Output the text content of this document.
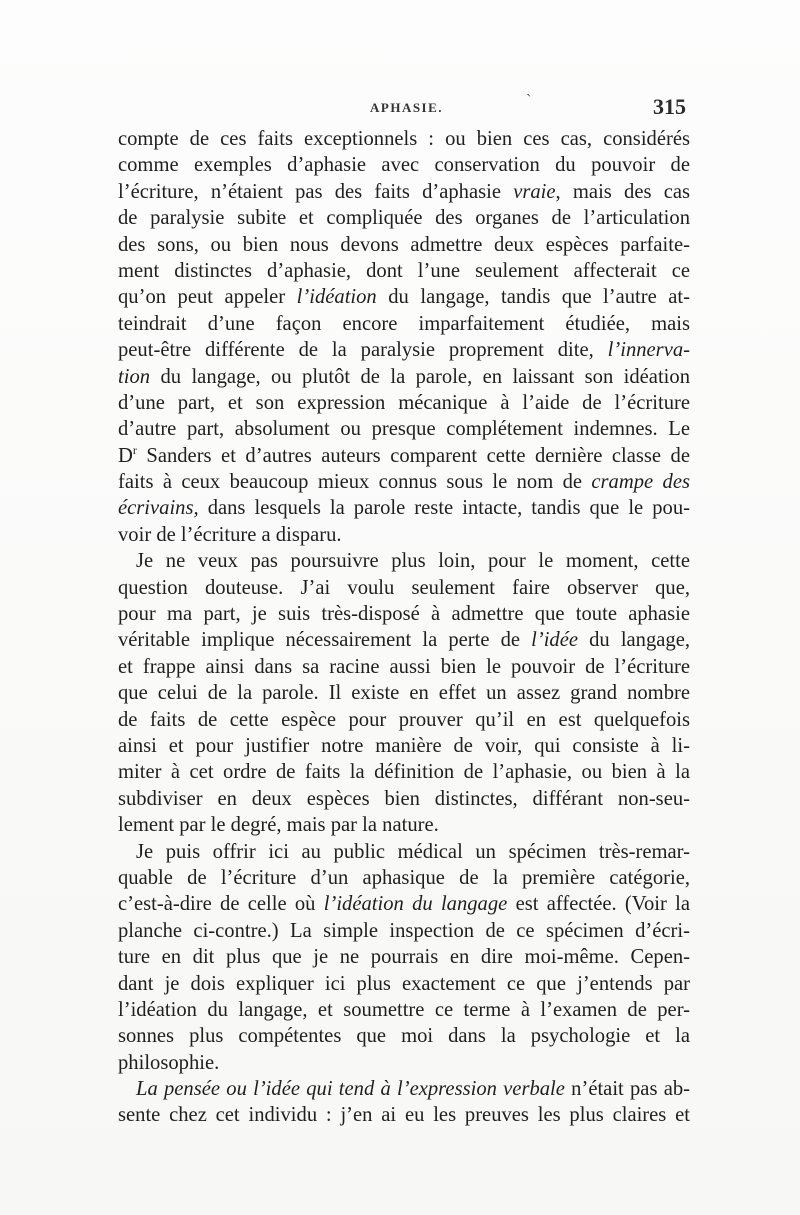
APHASIE.	`	315
compte de ces faits exceptionnels : ou bien ces cas, considérés
comme exemples d’aphasie avec conservation du pouvoir de
l’écriture, n’étaient pas des faits d’aphasie vraie, mais des cas
de paralysie subite et compliquée des organes de l’articulation
des sons, ou bien nous devons admettre deux espèces parfaite-
ment distinctes d’aphasie, dont l’une seulement affecterait ce
qu’on peut appeler l’idéation du langage, tandis que l’autre at-
teindrait d’une façon encore imparfaitement étudiée, mais
peut-être différente de la paralysie proprement dite, l’innerva-
tion du langage, ou plutôt de la parole, en laissant son idéation
d’une part, et son expression mécanique à l’aide de l’écriture
d’autre part, absolument ou presque complétement indemnes. Le
$D^r$ Sanders et d’autres auteurs comparent cette dernière classe de
faits à ceux beaucoup mieux connus sous le nom de crampe des
écrivains, dans lesquels la parole reste intacte, tandis que le pou-
voir de l’écriture a disparu.
Je ne veux pas poursuivre plus loin, pour le moment, cette
question douteuse. J’ai voulu seulement faire observer que,
pour ma part, je suis très-disposé à admettre que toute aphasie
véritable implique nécessairement la perte de l’idée du langage,
et frappe ainsi dans sa racine aussi bien le pouvoir de l’écriture
que celui de la parole. Il existe en effet un assez grand nombre
de faits de cette espèce pour prouver qu’il en est quelquefois
ainsi et pour justifier notre manière de voir, qui consiste à li-
miter à cet ordre de faits la définition de l’aphasie, ou bien à la
subdiviser en deux espèces bien distinctes, différant non-seu-
lement par le degré, mais par la nature.
Je puis offrir ici au public médical un spécimen très-remar-
quable de l’écriture d’un aphasique de la première catégorie,
c’est-à-dire de celle où l’idéation du langage est affectée. (Voir la
planche ci-contre.) La simple inspection de ce spécimen d’écri-
ture en dit plus que je ne pourrais en dire moi-même. Cepen-
dant je dois expliquer ici plus exactement ce que j’entends par
l’idéation du langage, et soumettre ce terme à l’examen de per-
sonnes plus compétentes que moi dans la psychologie et la
philosophie.
La pensée ou l’idée qui tend à l’expression verbale n’était pas ab-
sente chez cet individu : j’en ai eu les preuves les plus claires et
